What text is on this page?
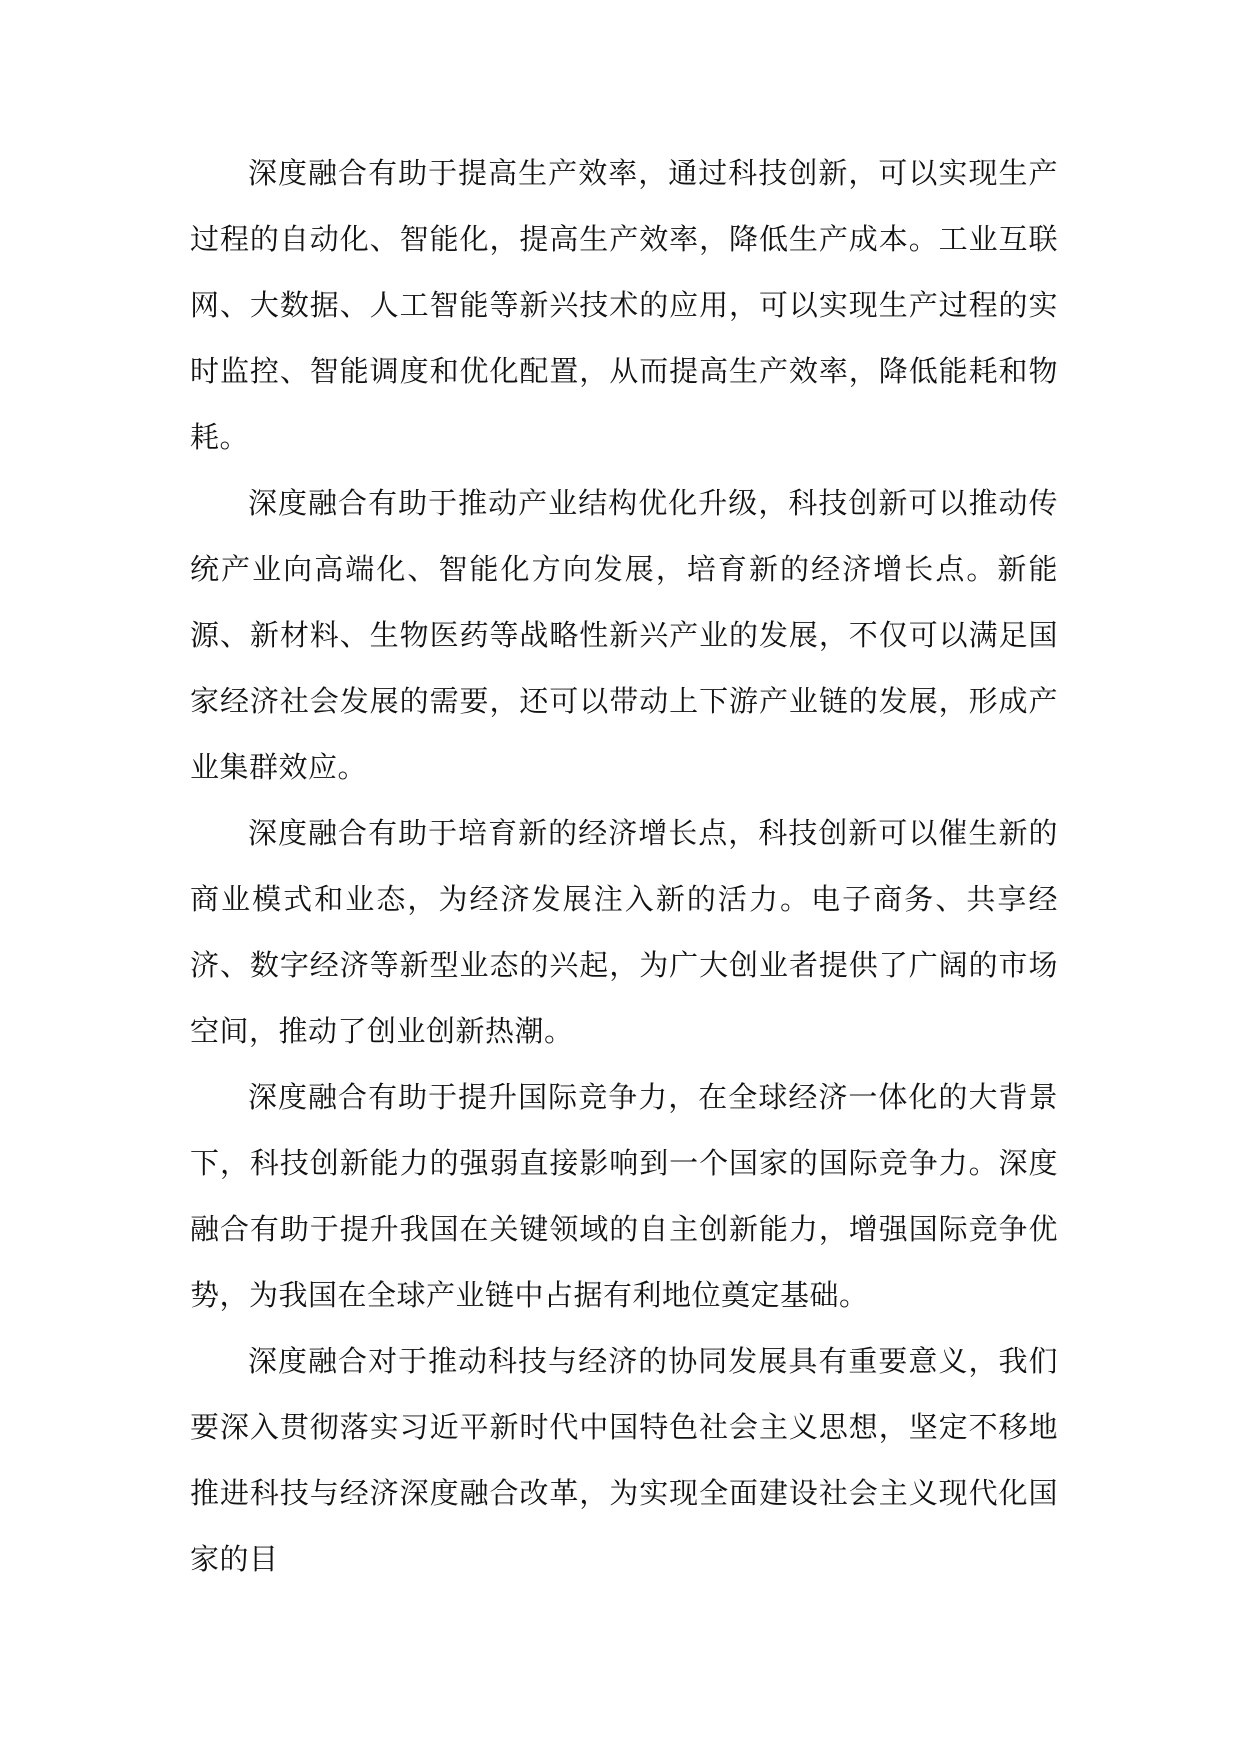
深度融合有助于提高生产效率，通过科技创新，可以实现生产过程的自动化、智能化，提高生产效率，降低生产成本。工业互联网、大数据、人工智能等新兴技术的应用，可以实现生产过程的实时监控、智能调度和优化配置，从而提高生产效率，降低能耗和物耗。

深度融合有助于推动产业结构优化升级，科技创新可以推动传统产业向高端化、智能化方向发展，培育新的经济增长点。新能源、新材料、生物医药等战略性新兴产业的发展，不仅可以满足国家经济社会发展的需要，还可以带动上下游产业链的发展，形成产业集群效应。

深度融合有助于培育新的经济增长点，科技创新可以催生新的商业模式和业态，为经济发展注入新的活力。电子商务、共享经济、数字经济等新型业态的兴起，为广大创业者提供了广阔的市场空间，推动了创业创新热潮。

深度融合有助于提升国际竞争力，在全球经济一体化的大背景下，科技创新能力的强弱直接影响到一个国家的国际竞争力。深度融合有助于提升我国在关键领域的自主创新能力，增强国际竞争优势，为我国在全球产业链中占据有利地位奠定基础。

深度融合对于推动科技与经济的协同发展具有重要意义，我们要深入贯彻落实习近平新时代中国特色社会主义思想，坚定不移地推进科技与经济深度融合改革，为实现全面建设社会主义现代化国家的目
